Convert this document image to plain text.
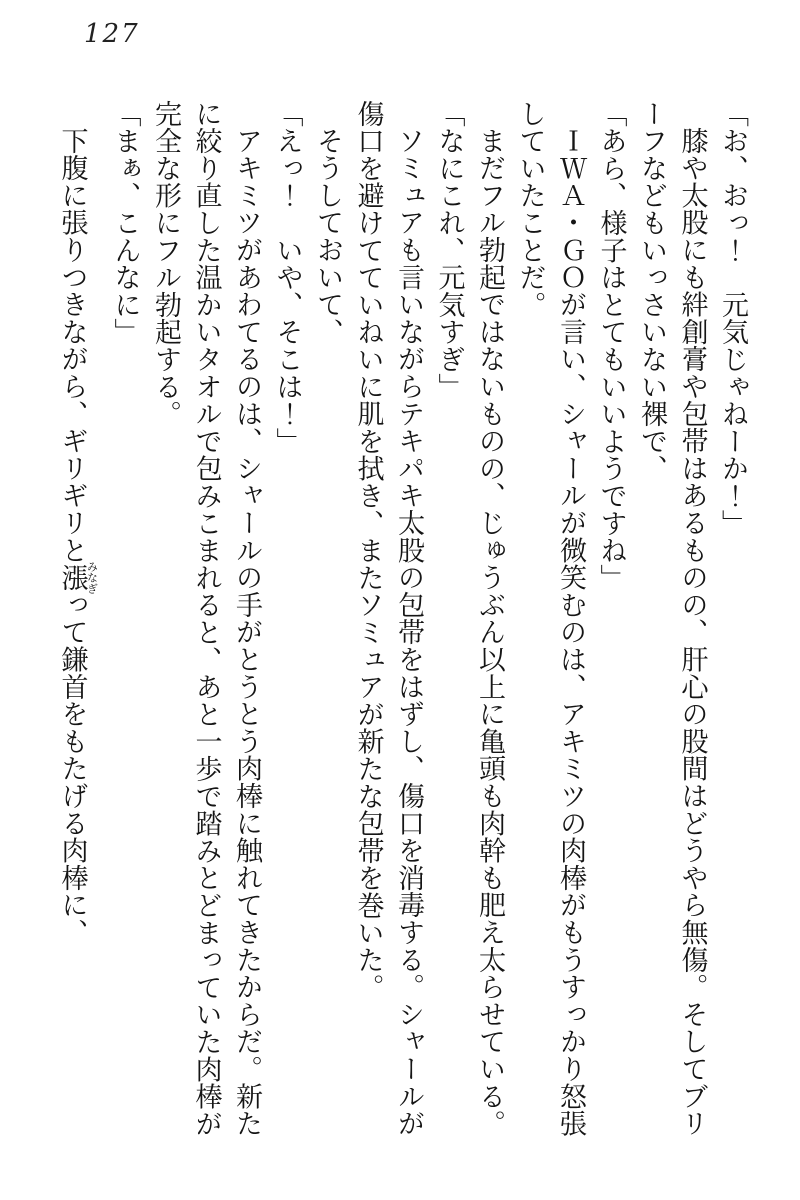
127

「お、おっ！　元気じゃねーか！」

膝や太股にも絆創膏や包帯はあるものの、肝心の股間はどうやら無傷。そしてブリ

ーフなどもいっさいない裸で、

「あら、様子はとてもいいようですね」

ＩＷＡ・ＧＯが言い、シャールが微笑むのは、アキミツの肉棒がもうすっかり怒張

していたことだ。

まだフル勃起ではないものの、じゅうぶん以上に亀頭も肉幹も肥え太らせている。

「なにこれ、元気すぎ」

ソミュアも言いながらテキパキ太股の包帯をはずし、傷口を消毒する。シャールが

傷口を避けてていねいに肌を拭き、またソミュアが新たな包帯を巻いた。

そうしておいて、

「えっ！　いや、そこは！」

アキミツがあわてるのは、シャールの手がとうとう肉棒に触れてきたからだ。新た

に絞り直した温かいタオルで包みこまれると、あと一歩で踏みとどまっていた肉棒が

完全な形にフル勃起する。

「まぁ、こんなに」

下腹に張りつきながら、ギリギリと漲みなぎって鎌首をもたげる肉棒に、
